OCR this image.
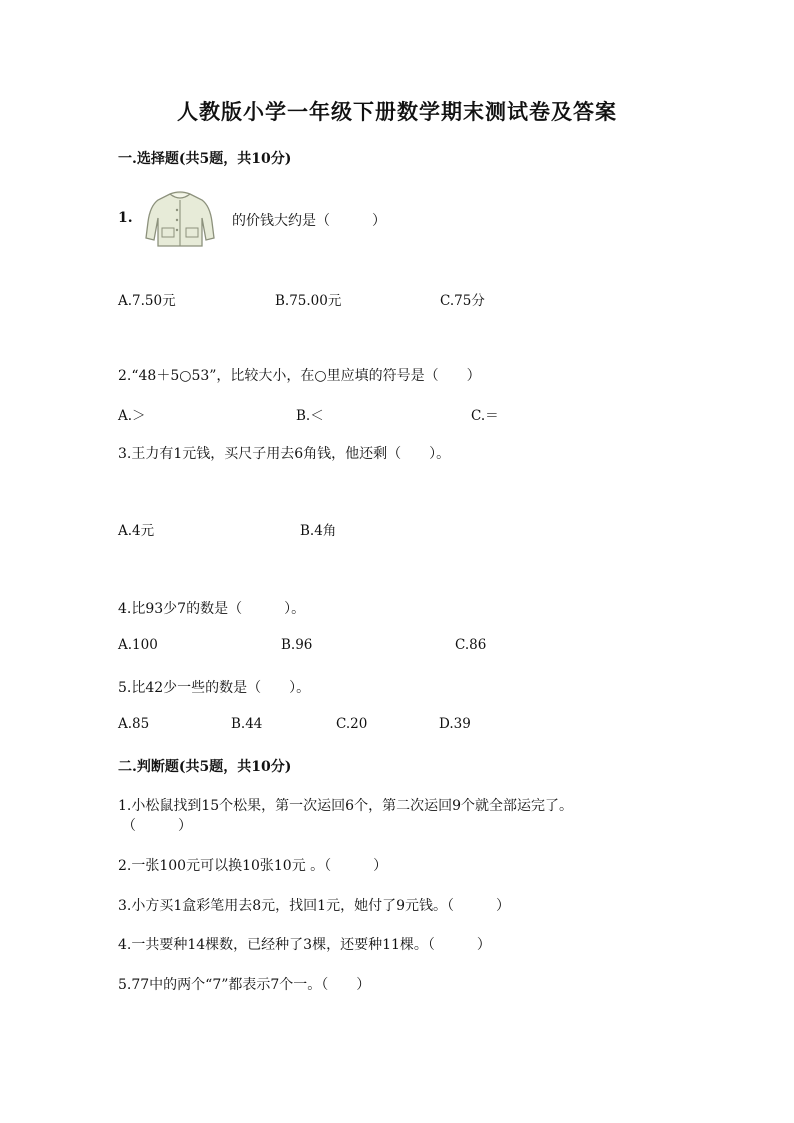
人教版小学一年级下册数学期末测试卷及答案
一.选择题(共5题，共10分)
1.	的价钱大约是（　　　）
A.7.50元	B.75.00元	C.75分
2.“48＋5○53”，比较大小，在○里应填的符号是（　　）
A.＞	B.＜	C.＝
3.王力有1元钱，买尺子用去6角钱，他还剩（　　）。
A.4元	B.4角
4.比93少7的数是（　　　）。
A.100	B.96	C.86
5.比42少一些的数是（　　）。
A.85	B.44	C.20	D.39
二.判断题(共5题，共10分)
1.小松鼠找到15个松果，第一次运回6个，第二次运回9个就全部运完了。
（　　　）
2.一张100元可以换10张10元 。（　　　）
3.小方买1盒彩笔用去8元，找回1元，她付了9元钱。（　　　）
4.一共要种14棵数，已经种了3棵，还要种11棵。（　　　）
5.77中的两个“7”都表示7个一。（　　）
